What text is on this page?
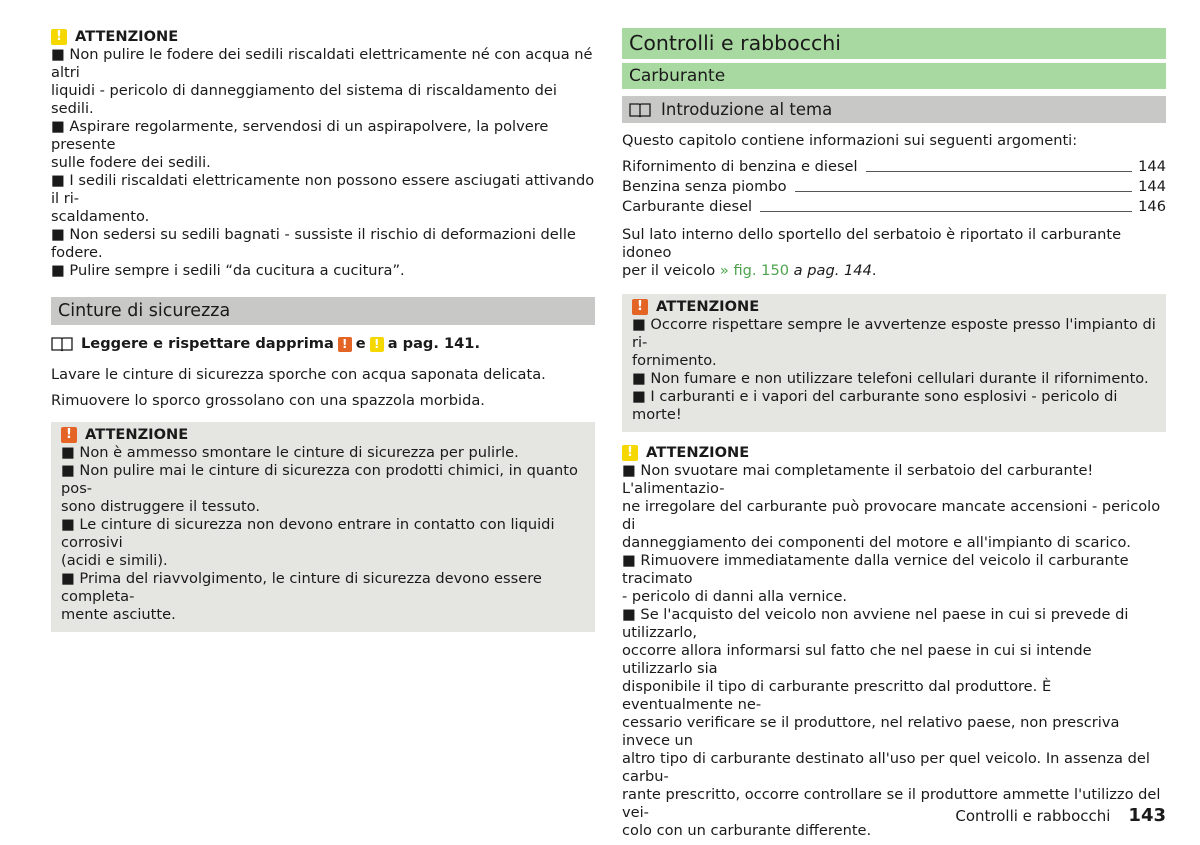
! ATTENZIONE

■ Non pulire le fodere dei sedili riscaldati elettricamente né con acqua né altri

liquidi - pericolo di danneggiamento del sistema di riscaldamento dei sedili.

■ Aspirare regolarmente, servendosi di un aspirapolvere, la polvere presente

sulle fodere dei sedili.

■ I sedili riscaldati elettricamente non possono essere asciugati attivando il ri-

scaldamento.

■ Non sedersi su sedili bagnati - sussiste il rischio di deformazioni delle fodere.

■ Pulire sempre i sedili “da cucitura a cucitura”.

Cinture di sicurezza
Leggere e rispettare dapprima ! e ! a pag. 141.

Lavare le cinture di sicurezza sporche con acqua saponata delicata.

Rimuovere lo sporco grossolano con una spazzola morbida.

! ATTENZIONE

■ Non è ammesso smontare le cinture di sicurezza per pulirle.

■ Non pulire mai le cinture di sicurezza con prodotti chimici, in quanto pos-

sono distruggere il tessuto.

■ Le cinture di sicurezza non devono entrare in contatto con liquidi corrosivi

(acidi e simili).

■ Prima del riavvolgimento, le cinture di sicurezza devono essere completa-

mente asciutte.

Controlli e rabbocchi
Carburante
Introduzione al tema

Questo capitolo contiene informazioni sui seguenti argomenti:

Rifornimento di benzina e diesel	144
Benzina senza piombo	144
Carburante diesel	146

Sul lato interno dello sportello del serbatoio è riportato il carburante idoneo

per il veicolo » fig. 150 a pag. 144.

! ATTENZIONE

■ Occorre rispettare sempre le avvertenze esposte presso l'impianto di ri-

fornimento.

■ Non fumare e non utilizzare telefoni cellulari durante il rifornimento.

■ I carburanti e i vapori del carburante sono esplosivi - pericolo di morte!

! ATTENZIONE

■ Non svuotare mai completamente il serbatoio del carburante! L'alimentazio-

ne irregolare del carburante può provocare mancate accensioni - pericolo di

danneggiamento dei componenti del motore e all'impianto di scarico.

■ Rimuovere immediatamente dalla vernice del veicolo il carburante tracimato

- pericolo di danni alla vernice.

■ Se l'acquisto del veicolo non avviene nel paese in cui si prevede di utilizzarlo,

occorre allora informarsi sul fatto che nel paese in cui si intende utilizzarlo sia

disponibile il tipo di carburante prescritto dal produttore. È eventualmente ne-

cessario verificare se il produttore, nel relativo paese, non prescriva invece un

altro tipo di carburante destinato all'uso per quel veicolo. In assenza del carbu-

rante prescritto, occorre controllare se il produttore ammette l'utilizzo del vei-

colo con un carburante differente.

Controlli e rabbocchi 143
